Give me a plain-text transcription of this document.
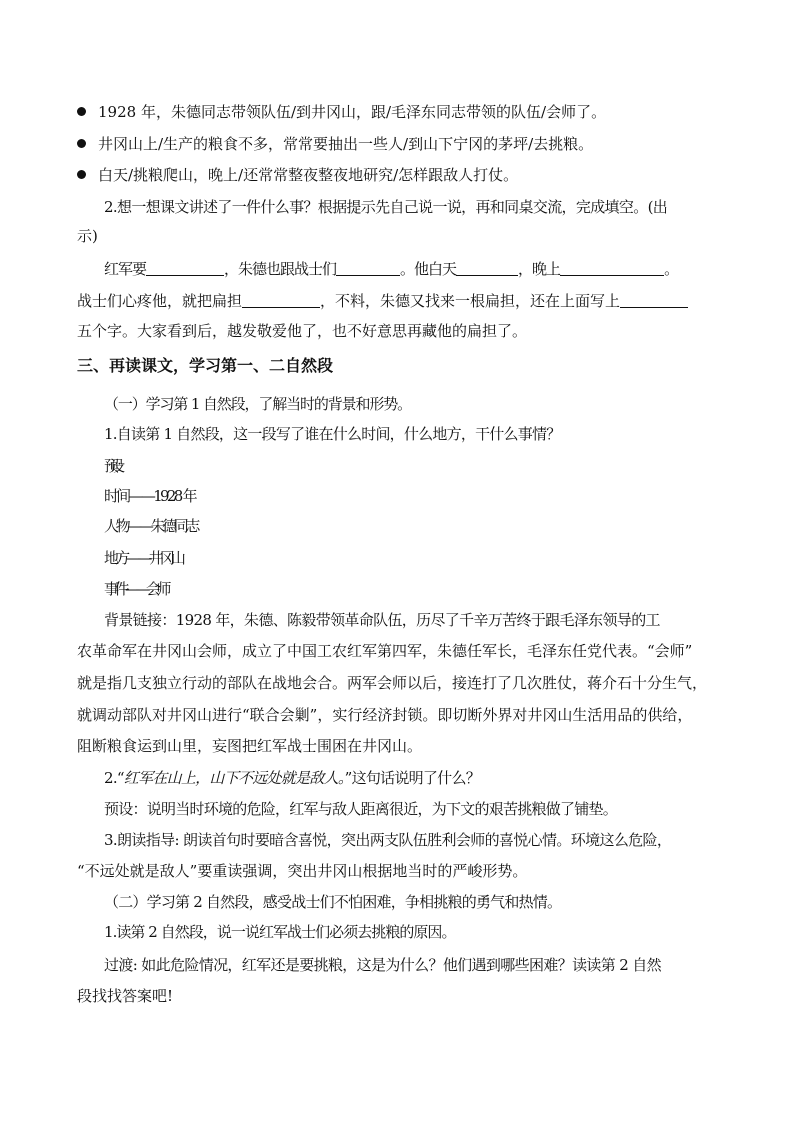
1928 年，朱德同志带领队伍/到井冈山，跟/毛泽东同志带领的队伍/会师了。
井冈山上/生产的粮食不多，常常要抽出一些人/到山下宁冈的茅坪/去挑粮。
白天/挑粮爬山，晚上/还常常整夜整夜地研究/怎样跟敌人打仗。
2.想一想课文讲述了一件什么事？根据提示先自己说一说，再和同桌交流，完成填空。(出
示)
红军要	，朱德也跟战士们	。他白天	，晚上	。
战士们心疼他，就把扁担	，不料，朱德又找来一根扁担，还在上面写上
五个字。大家看到后，越发敬爱他了，也不好意思再藏他的扁担了。
三、再读课文，学习第一、二自然段
（一）学习第 1 自然段，了解当时的背景和形势。
1.自读第 1 自然段，这一段写了谁在什么时间，什么地方，干什么事情？
预设：
时间——1928 年
人物——朱德同志
地方——井冈山
事件——会师
背景链接：1928 年，朱德、陈毅带领革命队伍，历尽了千辛万苦终于跟毛泽东领导的工
农革命军在井冈山会师，成立了中国工农红军第四军，朱德任军长，毛泽东任党代表。“会师”
就是指几支独立行动的部队在战地会合。两军会师以后，接连打了几次胜仗，蒋介石十分生气，
就调动部队对井冈山进行“联合会剿”，实行经济封锁。即切断外界对井冈山生活用品的供给，
阻断粮食运到山里，妄图把红军战士围困在井冈山。
2.“红军在山上，山下不远处就是敌人。”这句话说明了什么？
预设：说明当时环境的危险，红军与敌人距离很近，为下文的艰苦挑粮做了铺垫。
3.朗读指导: 朗读首句时要暗含喜悦，突出两支队伍胜利会师的喜悦心情。环境这么危险，
“不远处就是敌人”要重读强调，突出井冈山根据地当时的严峻形势。
（二）学习第 2 自然段，感受战士们不怕困难，争相挑粮的勇气和热情。
1.读第 2 自然段，说一说红军战士们必须去挑粮的原因。
过渡: 如此危险情况，红军还是要挑粮，这是为什么？他们遇到哪些困难？读读第 2 自然
段找找答案吧!
